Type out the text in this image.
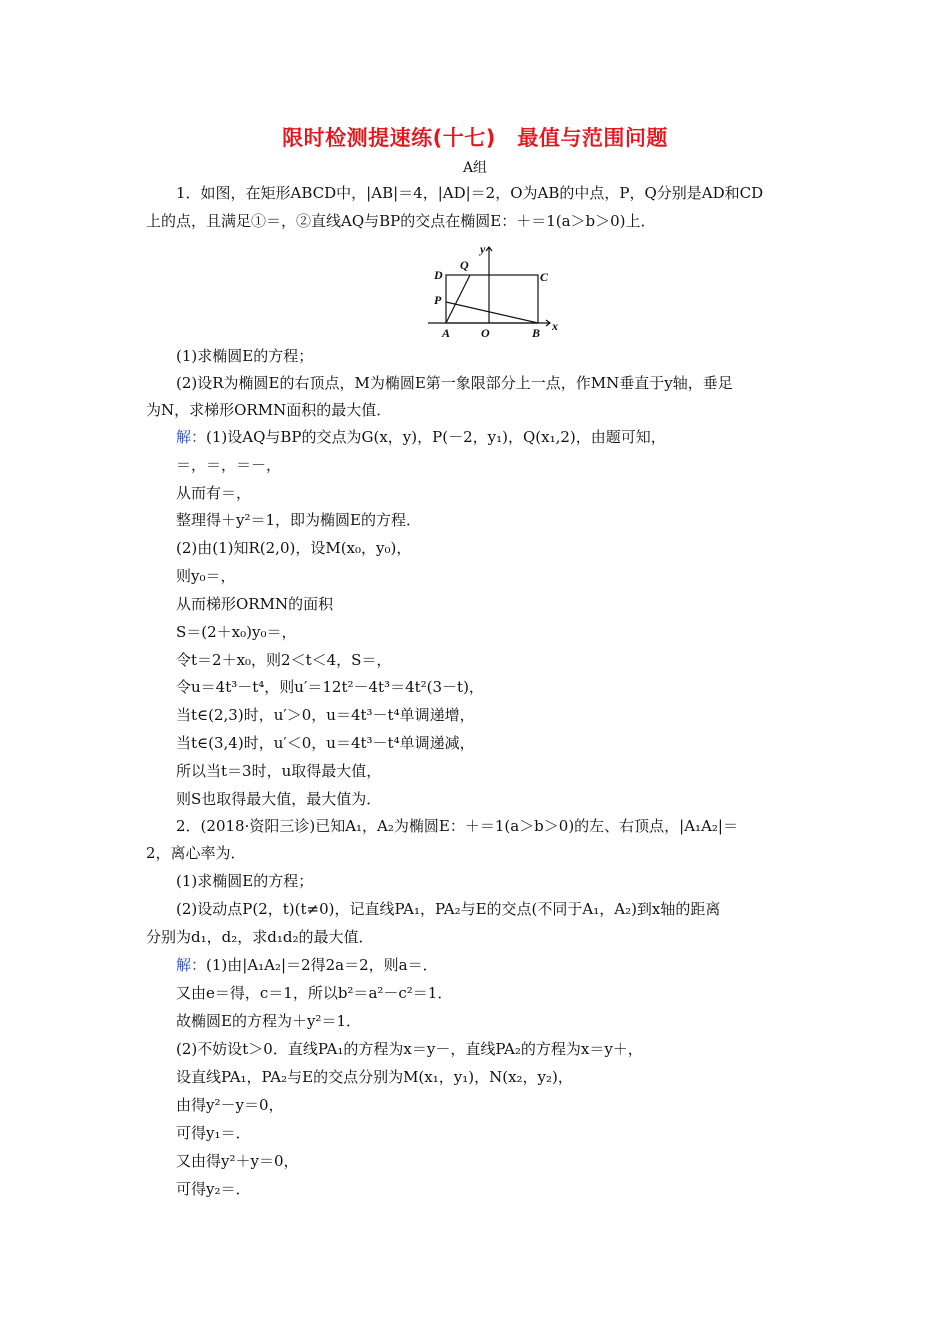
限时检测提速练(十七)　最值与范围问题
A组
1．如图，在矩形ABCD中，|AB|＝4，|AD|＝2，O为AB的中点，P，Q分别是AD和CD
上的点，且满足①＝，②直线AQ与BP的交点在椭圆E：＋＝1(a＞b＞0)上．
y
x
D
Q
C
P
A	O	B
(1)求椭圆E的方程；
(2)设R为椭圆E的右顶点，M为椭圆E第一象限部分上一点，作MN垂直于y轴，垂足
为N，求梯形ORMN面积的最大值．
解：(1)设AQ与BP的交点为G(x，y)，P(－2，y₁)，Q(x₁,2)，由题可知，
＝，＝，＝－，
从而有＝，
整理得＋y²＝1，即为椭圆E的方程．
(2)由(1)知R(2,0)，设M(x₀，y₀)，
则y₀＝，
从而梯形ORMN的面积
S＝(2＋x₀)y₀＝，
令t＝2＋x₀，则2＜t＜4，S＝，
令u＝4t³－t⁴，则u′＝12t²－4t³＝4t²(3－t)，
当t∈(2,3)时，u′＞0，u＝4t³－t⁴单调递增，
当t∈(3,4)时，u′＜0，u＝4t³－t⁴单调递减，
所以当t＝3时，u取得最大值，
则S也取得最大值，最大值为．
2．(2018·资阳三诊)已知A₁，A₂为椭圆E：＋＝1(a＞b＞0)的左、右顶点，|A₁A₂|＝
2，离心率为．
(1)求椭圆E的方程；
(2)设动点P(2，t)(t≠0)，记直线PA₁，PA₂与E的交点(不同于A₁，A₂)到x轴的距离
分别为d₁，d₂，求d₁d₂的最大值．
解：(1)由|A₁A₂|＝2得2a＝2，则a＝．
又由e＝得，c＝1，所以b²＝a²－c²＝1．
故椭圆E的方程为＋y²＝1．
(2)不妨设t＞0．直线PA₁的方程为x＝y－，直线PA₂的方程为x＝y＋，
设直线PA₁，PA₂与E的交点分别为M(x₁，y₁)，N(x₂，y₂)，
由得y²－y＝0，
可得y₁＝．
又由得y²＋y＝0，
可得y₂＝．
